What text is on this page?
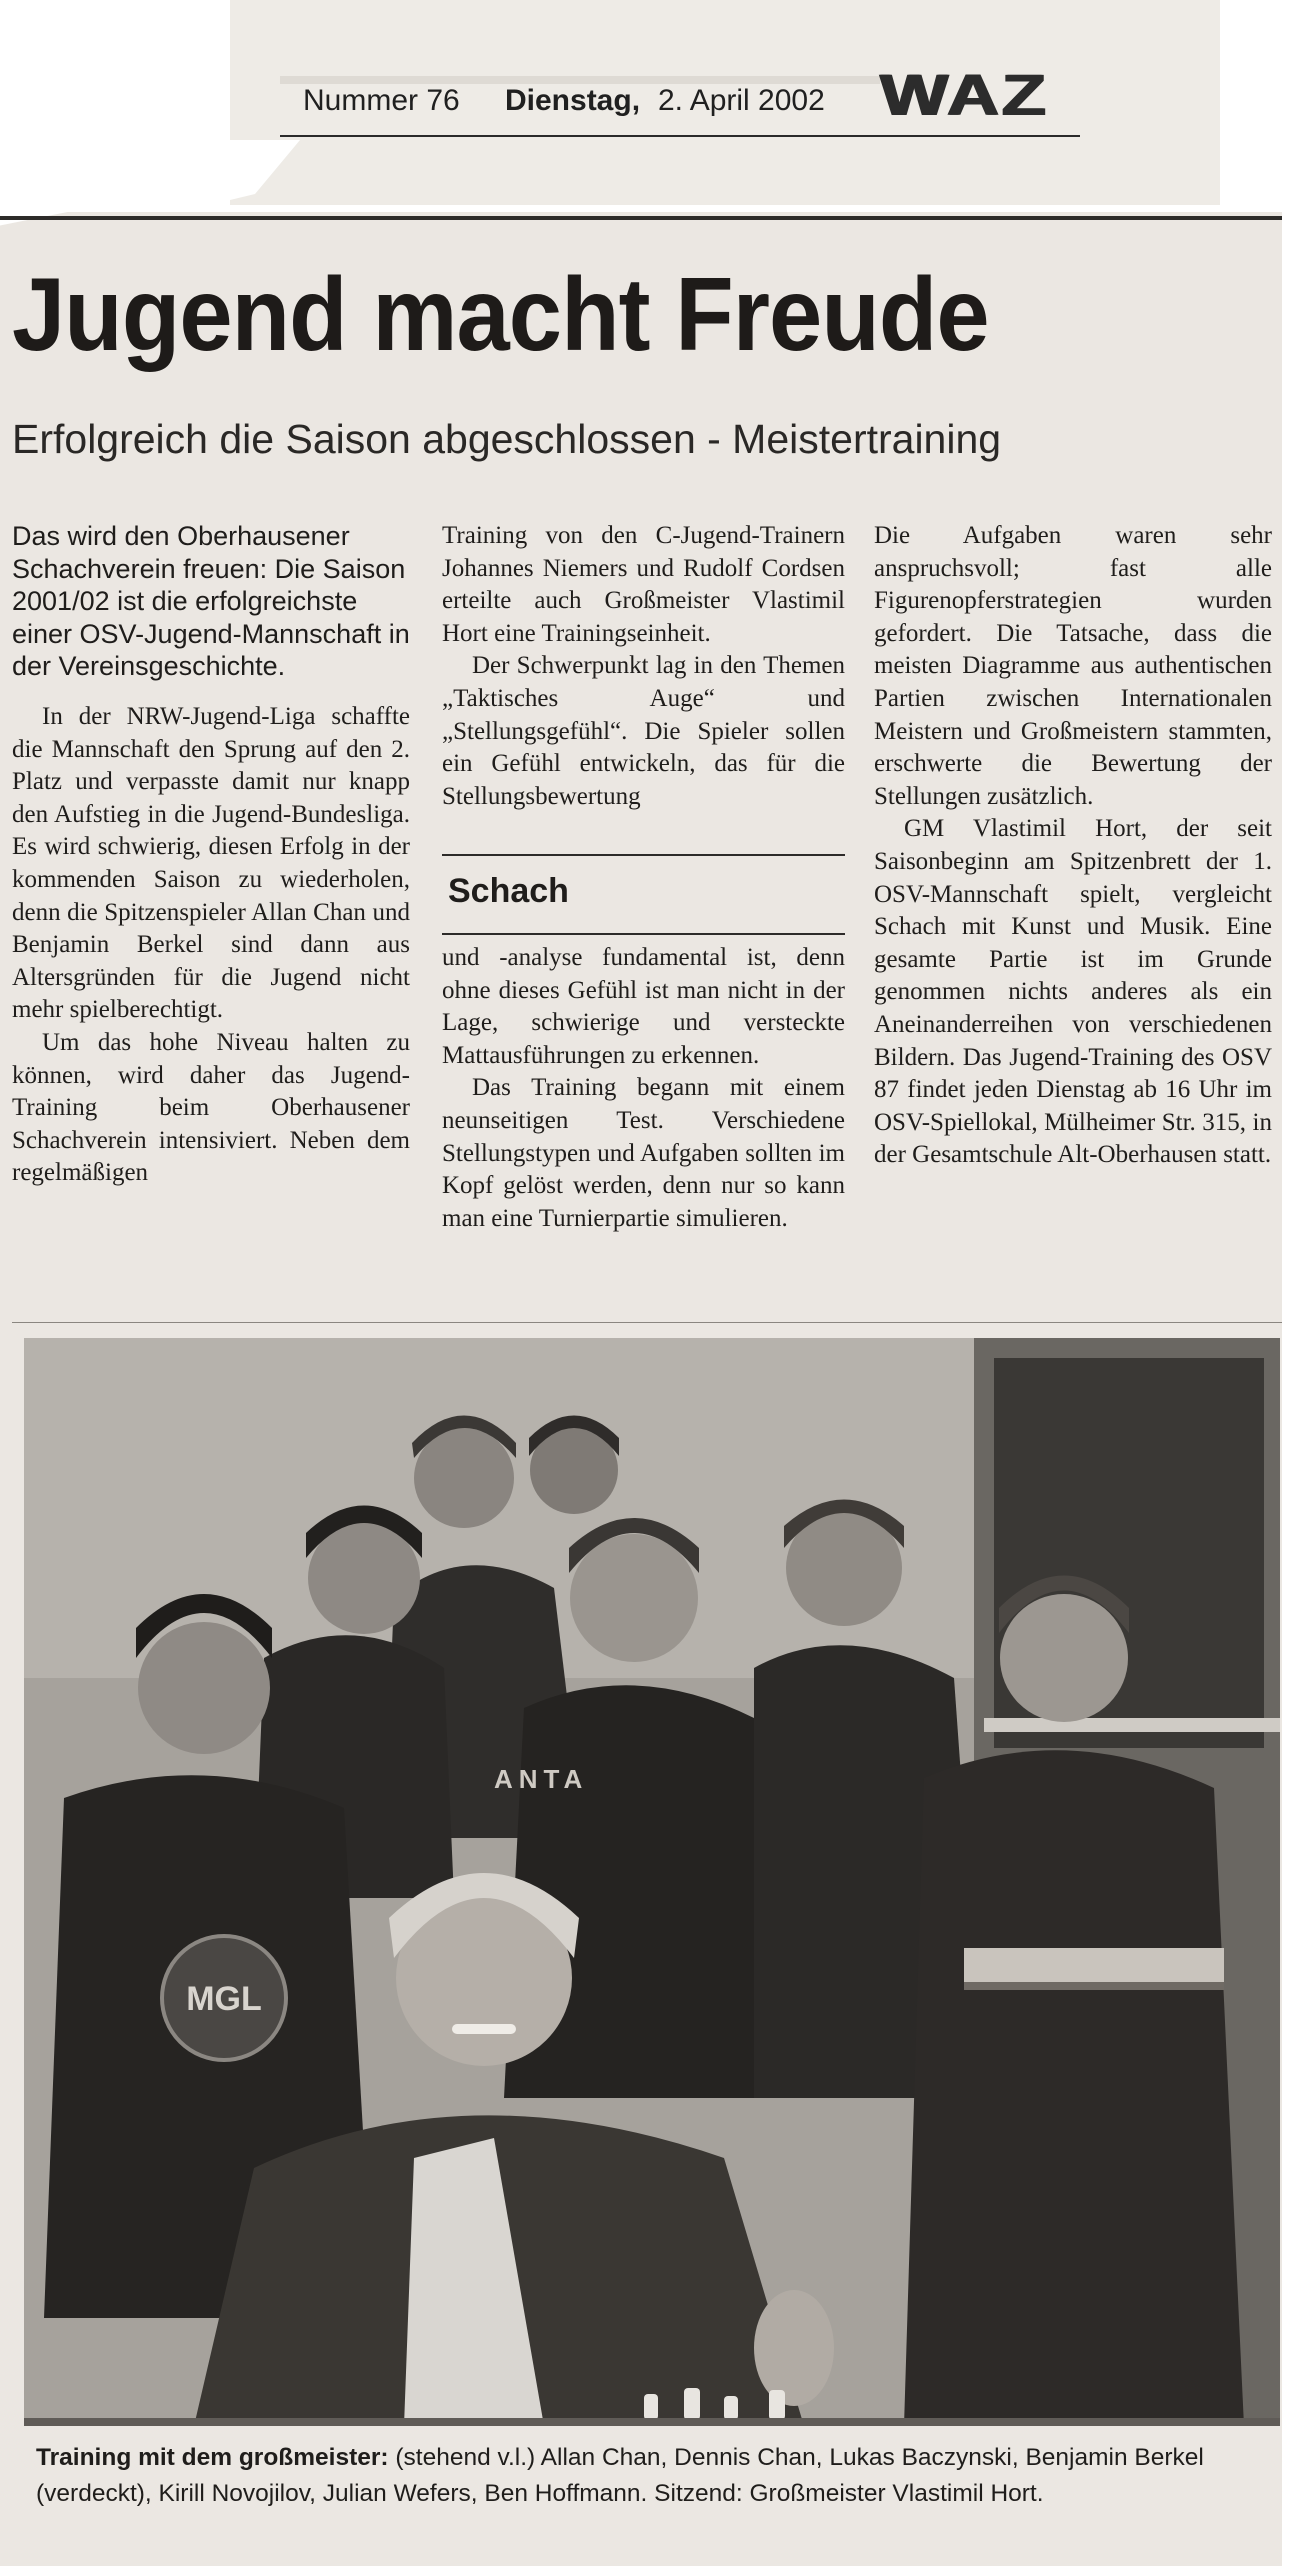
Nummer 76 Dienstag, 2. April 2002 WAZ
Jugend macht Freude
Erfolgreich die Saison abgeschlossen - Meistertraining

Das wird den Oberhausener Schachverein freuen: Die Saison 2001/02 ist die erfolgreichste einer OSV-Jugend-Mannschaft in der Vereinsgeschichte.

In der NRW-Jugend-Liga schaffte die Mannschaft den Sprung auf den 2. Platz und verpasste damit nur knapp den Aufstieg in die Jugend-Bundesliga. Es wird schwierig, diesen Erfolg in der kommenden Saison zu wiederholen, denn die Spitzenspieler Allan Chan und Benjamin Berkel sind dann aus Altersgründen für die Jugend nicht mehr spielberechtigt.

Um das hohe Niveau halten zu können, wird daher das Jugend-Training beim Oberhausener Schachverein intensiviert. Neben dem regelmäßigen

Training von den C-Jugend-Trainern Johannes Niemers und Rudolf Cordsen erteilte auch Großmeister Vlastimil Hort eine Trainingseinheit.

Der Schwerpunkt lag in den Themen „Taktisches Auge“ und „Stellungsgefühl“. Die Spieler sollen ein Gefühl entwickeln, das für die Stellungsbewertung

Schach

und -analyse fundamental ist, denn ohne dieses Gefühl ist man nicht in der Lage, schwierige und versteckte Mattausführungen zu erkennen.

Das Training begann mit einem neunseitigen Test. Verschiedene Stellungstypen und Aufgaben sollten im Kopf gelöst werden, denn nur so kann man eine Turnierpartie simulieren.

Die Aufgaben waren sehr anspruchsvoll; fast alle Figurenopferstrategien wurden gefordert. Die Tatsache, dass die meisten Diagramme aus authentischen Partien zwischen Internationalen Meistern und Großmeistern stammten, erschwerte die Bewertung der Stellungen zusätzlich.

GM Vlastimil Hort, der seit Saisonbeginn am Spitzenbrett der 1. OSV-Mannschaft spielt, vergleicht Schach mit Kunst und Musik. Eine gesamte Partie ist im Grunde genommen nichts anderes als ein Aneinanderreihen von verschiedenen Bildern. Das Jugend-Training des OSV 87 findet jeden Dienstag ab 16 Uhr im OSV-Spiellokal, Mülheimer Str. 315, in der Gesamtschule Alt-Oberhausen statt.

MGL
ANTA

Training mit dem großmeister: (stehend v.l.) Allan Chan, Dennis Chan, Lukas Baczynski, Benjamin Berkel (verdeckt), Kirill Novojilov, Julian Wefers, Ben Hoffmann. Sitzend: Großmeister Vlastimil Hort.
